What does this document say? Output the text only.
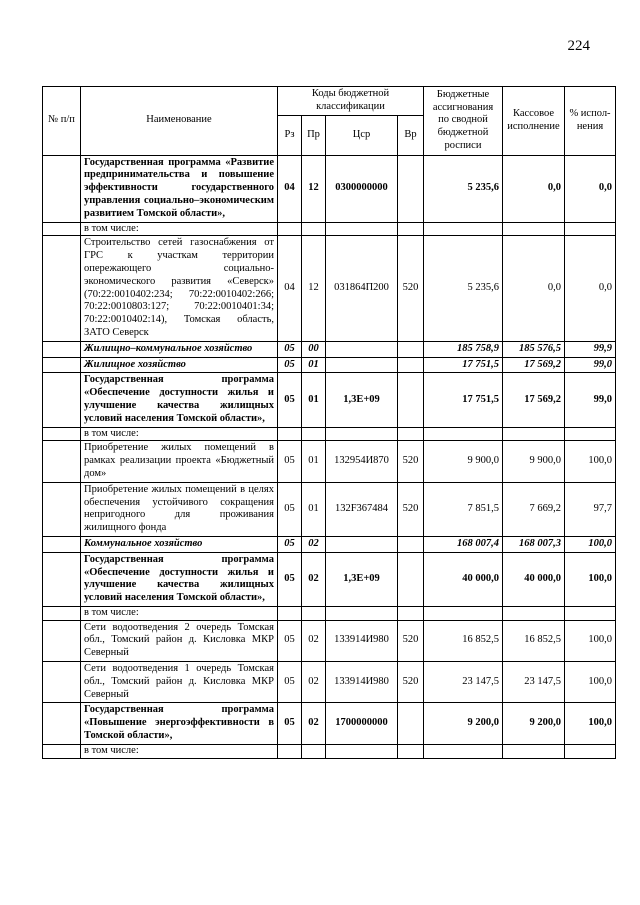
224
№ п/п	Наименование	Коды бюджетной классификации				Бюджетные ассигнования по сводной бюджетной росписи	Кассовое исполнение	% испол-нения
		Рз	Пр	Цср	Вр			
	Государственная программа «Развитие предпринимательства и повышение эффективности государственного управления социально–экономическим развитием Томской области»,	04	12	0300000000		5 235,6	0,0	0,0
	в том числе:							
	Строительство сетей газоснабжения от ГРС к участкам территории опережающего социально-экономического развития «Северск» (70:22:0010402:234; 70:22:0010402:266; 70:22:0010803:127; 70:22:0010401:34; 70:22:0010402:14), Томская область, ЗАТО Северск	04	12	031864П200	520	5 235,6	0,0	0,0
	Жилищно–коммунальное хозяйство	05	00			185 758,9	185 576,5	99,9
	Жилищное хозяйство	05	01			17 751,5	17 569,2	99,0
	Государственная программа «Обеспечение доступности жилья и улучшение качества жилищных условий населения Томской области»,	05	01	1,3E+09		17 751,5	17 569,2	99,0
	в том числе:							
	Приобретение жилых помещений в рамках реализации проекта «Бюджетный дом»	05	01	132954И870	520	9 900,0	9 900,0	100,0
	Приобретение жилых помещений в целях обеспечения устойчивого сокращения непригодного для проживания жилищного фонда	05	01	132F367484	520	7 851,5	7 669,2	97,7
	Коммунальное хозяйство	05	02			168 007,4	168 007,3	100,0
	Государственная программа «Обеспечение доступности жилья и улучшение качества жилищных условий населения Томской области»,	05	02	1,3E+09		40 000,0	40 000,0	100,0
	в том числе:							
	Сети водоотведения 2 очередь Томская обл., Томский район д. Кисловка МКР Северный	05	02	133914И980	520	16 852,5	16 852,5	100,0
	Сети водоотведения 1 очередь Томская обл., Томский район д. Кисловка МКР Северный	05	02	133914И980	520	23 147,5	23 147,5	100,0
	Государственная программа «Повышение энергоэффективности в Томской области»,	05	02	1700000000		9 200,0	9 200,0	100,0
	в том числе:							
